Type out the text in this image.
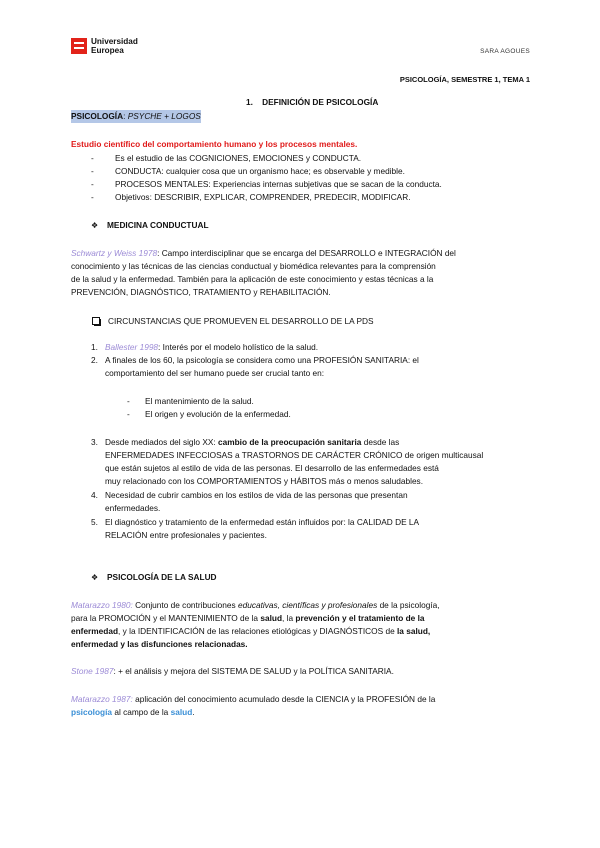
Universidad
Europea	SARA AGOUES
PSICOLOGÍA, SEMESTRE 1, TEMA 1
1. DEFINICIÓN DE PSICOLOGÍA
PSICOLOGÍA: PSYCHE + LOGOS
Estudio científico del comportamiento humano y los procesos mentales.
-	Es el estudio de las COGNICIONES, EMOCIONES y CONDUCTA.
-	CONDUCTA: cualquier cosa que un organismo hace; es observable y medible.
-	PROCESOS MENTALES: Experiencias internas subjetivas que se sacan de la conducta.
-	Objetivos: DESCRIBIR, EXPLICAR, COMPRENDER, PREDECIR, MODIFICAR.
❖ MEDICINA CONDUCTUAL
Schwartz y Weiss 1978: Campo interdisciplinar que se encarga del DESARROLLO e INTEGRACIÓN del
conocimiento y las técnicas de las ciencias conductual y biomédica relevantes para la comprensión
de la salud y la enfermedad. También para la aplicación de este conocimiento y estas técnicas a la
PREVENCIÓN, DIAGNÓSTICO, TRATAMIENTO y REHABILITACIÓN.
CIRCUNSTANCIAS QUE PROMUEVEN EL DESARROLLO DE LA PDS
1. Ballester 1998: Interés por el modelo holístico de la salud.
2. A finales de los 60, la psicología se considera como una PROFESIÓN SANITARIA: el
comportamiento del ser humano puede ser crucial tanto en:
- El mantenimiento de la salud.
- El origen y evolución de la enfermedad.
3. Desde mediados del siglo XX: cambio de la preocupación sanitaria desde las
ENFERMEDADES INFECCIOSAS a TRASTORNOS DE CARÁCTER CRÓNICO de origen multicausal
que están sujetos al estilo de vida de las personas. El desarrollo de las enfermedades está
muy relacionado con los COMPORTAMIENTOS y HÁBITOS más o menos saludables.
4. Necesidad de cubrir cambios en los estilos de vida de las personas que presentan
enfermedades.
5. El diagnóstico y tratamiento de la enfermedad están influidos por: la CALIDAD DE LA
RELACIÓN entre profesionales y pacientes.
❖ PSICOLOGÍA DE LA SALUD
Matarazzo 1980: Conjunto de contribuciones educativas, científicas y profesionales de la psicología,
para la PROMOCIÓN y el MANTENIMIENTO de la salud, la prevención y el tratamiento de la
enfermedad, y la IDENTIFICACIÓN de las relaciones etiológicas y DIAGNÓSTICOS de la salud,
enfermedad y las disfunciones relacionadas.
Stone 1987: + el análisis y mejora del SISTEMA DE SALUD y la POLÍTICA SANITARIA.
Matarazzo 1987: aplicación del conocimiento acumulado desde la CIENCIA y la PROFESIÓN de la
psicología al campo de la salud.
